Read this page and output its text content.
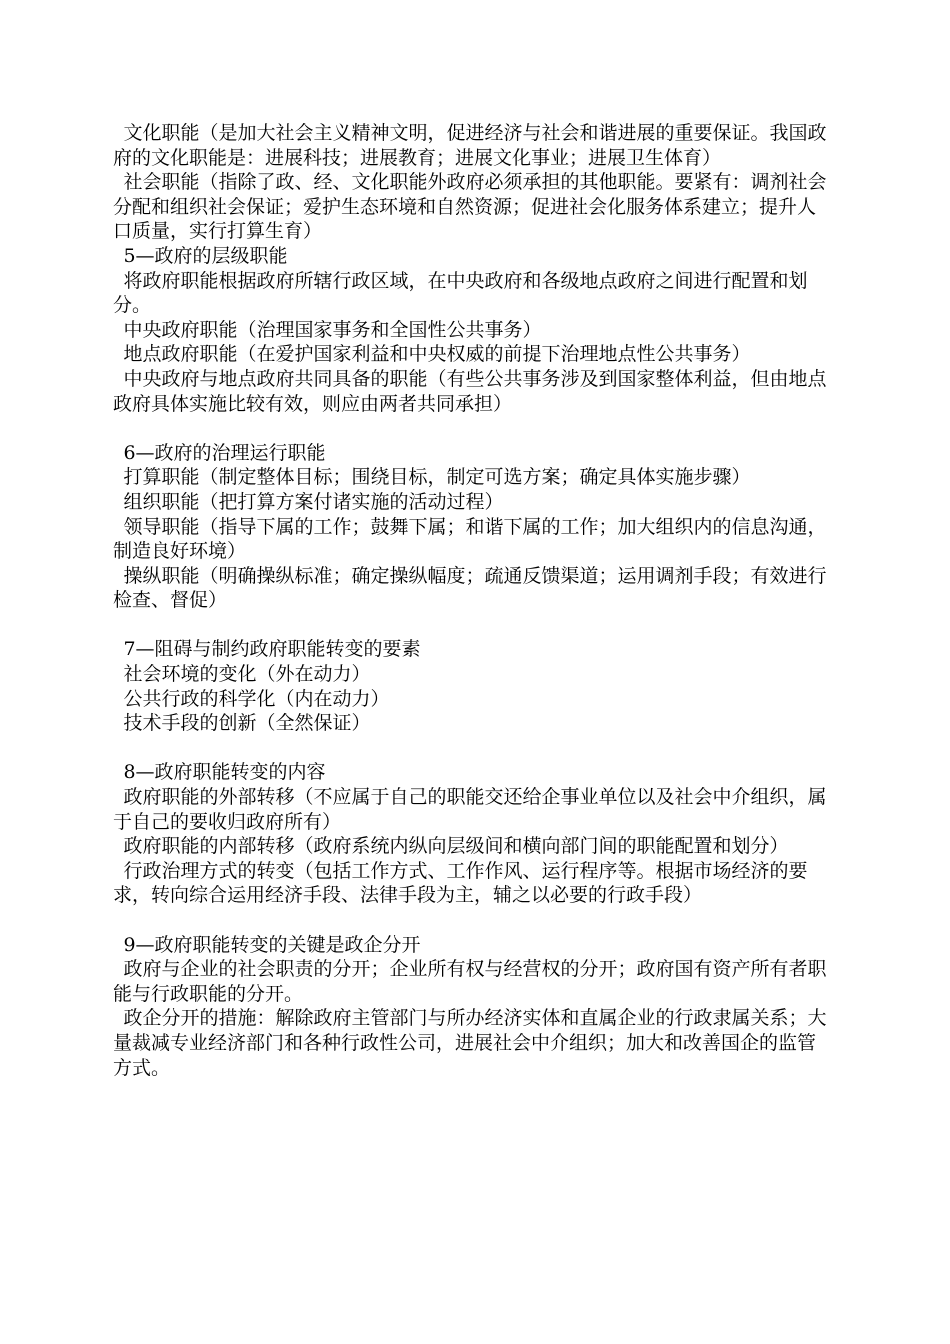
文化职能（是加大社会主义精神文明，促进经济与社会和谐进展的重要保证。我国政府的文化职能是：进展科技；进展教育；进展文化事业；进展卫生体育）

社会职能（指除了政、经、文化职能外政府必须承担的其他职能。要紧有：调剂社会分配和组织社会保证；爱护生态环境和自然资源；促进社会化服务体系建立；提升人口质量，实行打算生育）

5—政府的层级职能

将政府职能根据政府所辖行政区域，在中央政府和各级地点政府之间进行配置和划分。

中央政府职能（治理国家事务和全国性公共事务）

地点政府职能（在爱护国家利益和中央权威的前提下治理地点性公共事务）

中央政府与地点政府共同具备的职能（有些公共事务涉及到国家整体利益，但由地点政府具体实施比较有效，则应由两者共同承担）

6—政府的治理运行职能

打算职能（制定整体目标；围绕目标，制定可选方案；确定具体实施步骤）

组织职能（把打算方案付诸实施的活动过程）

领导职能（指导下属的工作；鼓舞下属；和谐下属的工作；加大组织内的信息沟通，制造良好环境）

操纵职能（明确操纵标准；确定操纵幅度；疏通反馈渠道；运用调剂手段；有效进行检查、督促）

7—阻碍与制约政府职能转变的要素

社会环境的变化（外在动力）

公共行政的科学化（内在动力）

技术手段的创新（全然保证）

8—政府职能转变的内容

政府职能的外部转移（不应属于自己的职能交还给企事业单位以及社会中介组织，属于自己的要收归政府所有）

政府职能的内部转移（政府系统内纵向层级间和横向部门间的职能配置和划分）

行政治理方式的转变（包括工作方式、工作作风、运行程序等。根据市场经济的要求，转向综合运用经济手段、法律手段为主，辅之以必要的行政手段）

9—政府职能转变的关键是政企分开

政府与企业的社会职责的分开；企业所有权与经营权的分开；政府国有资产所有者职能与行政职能的分开。

政企分开的措施：解除政府主管部门与所办经济实体和直属企业的行政隶属关系；大量裁减专业经济部门和各种行政性公司，进展社会中介组织；加大和改善国企的监管方式。
